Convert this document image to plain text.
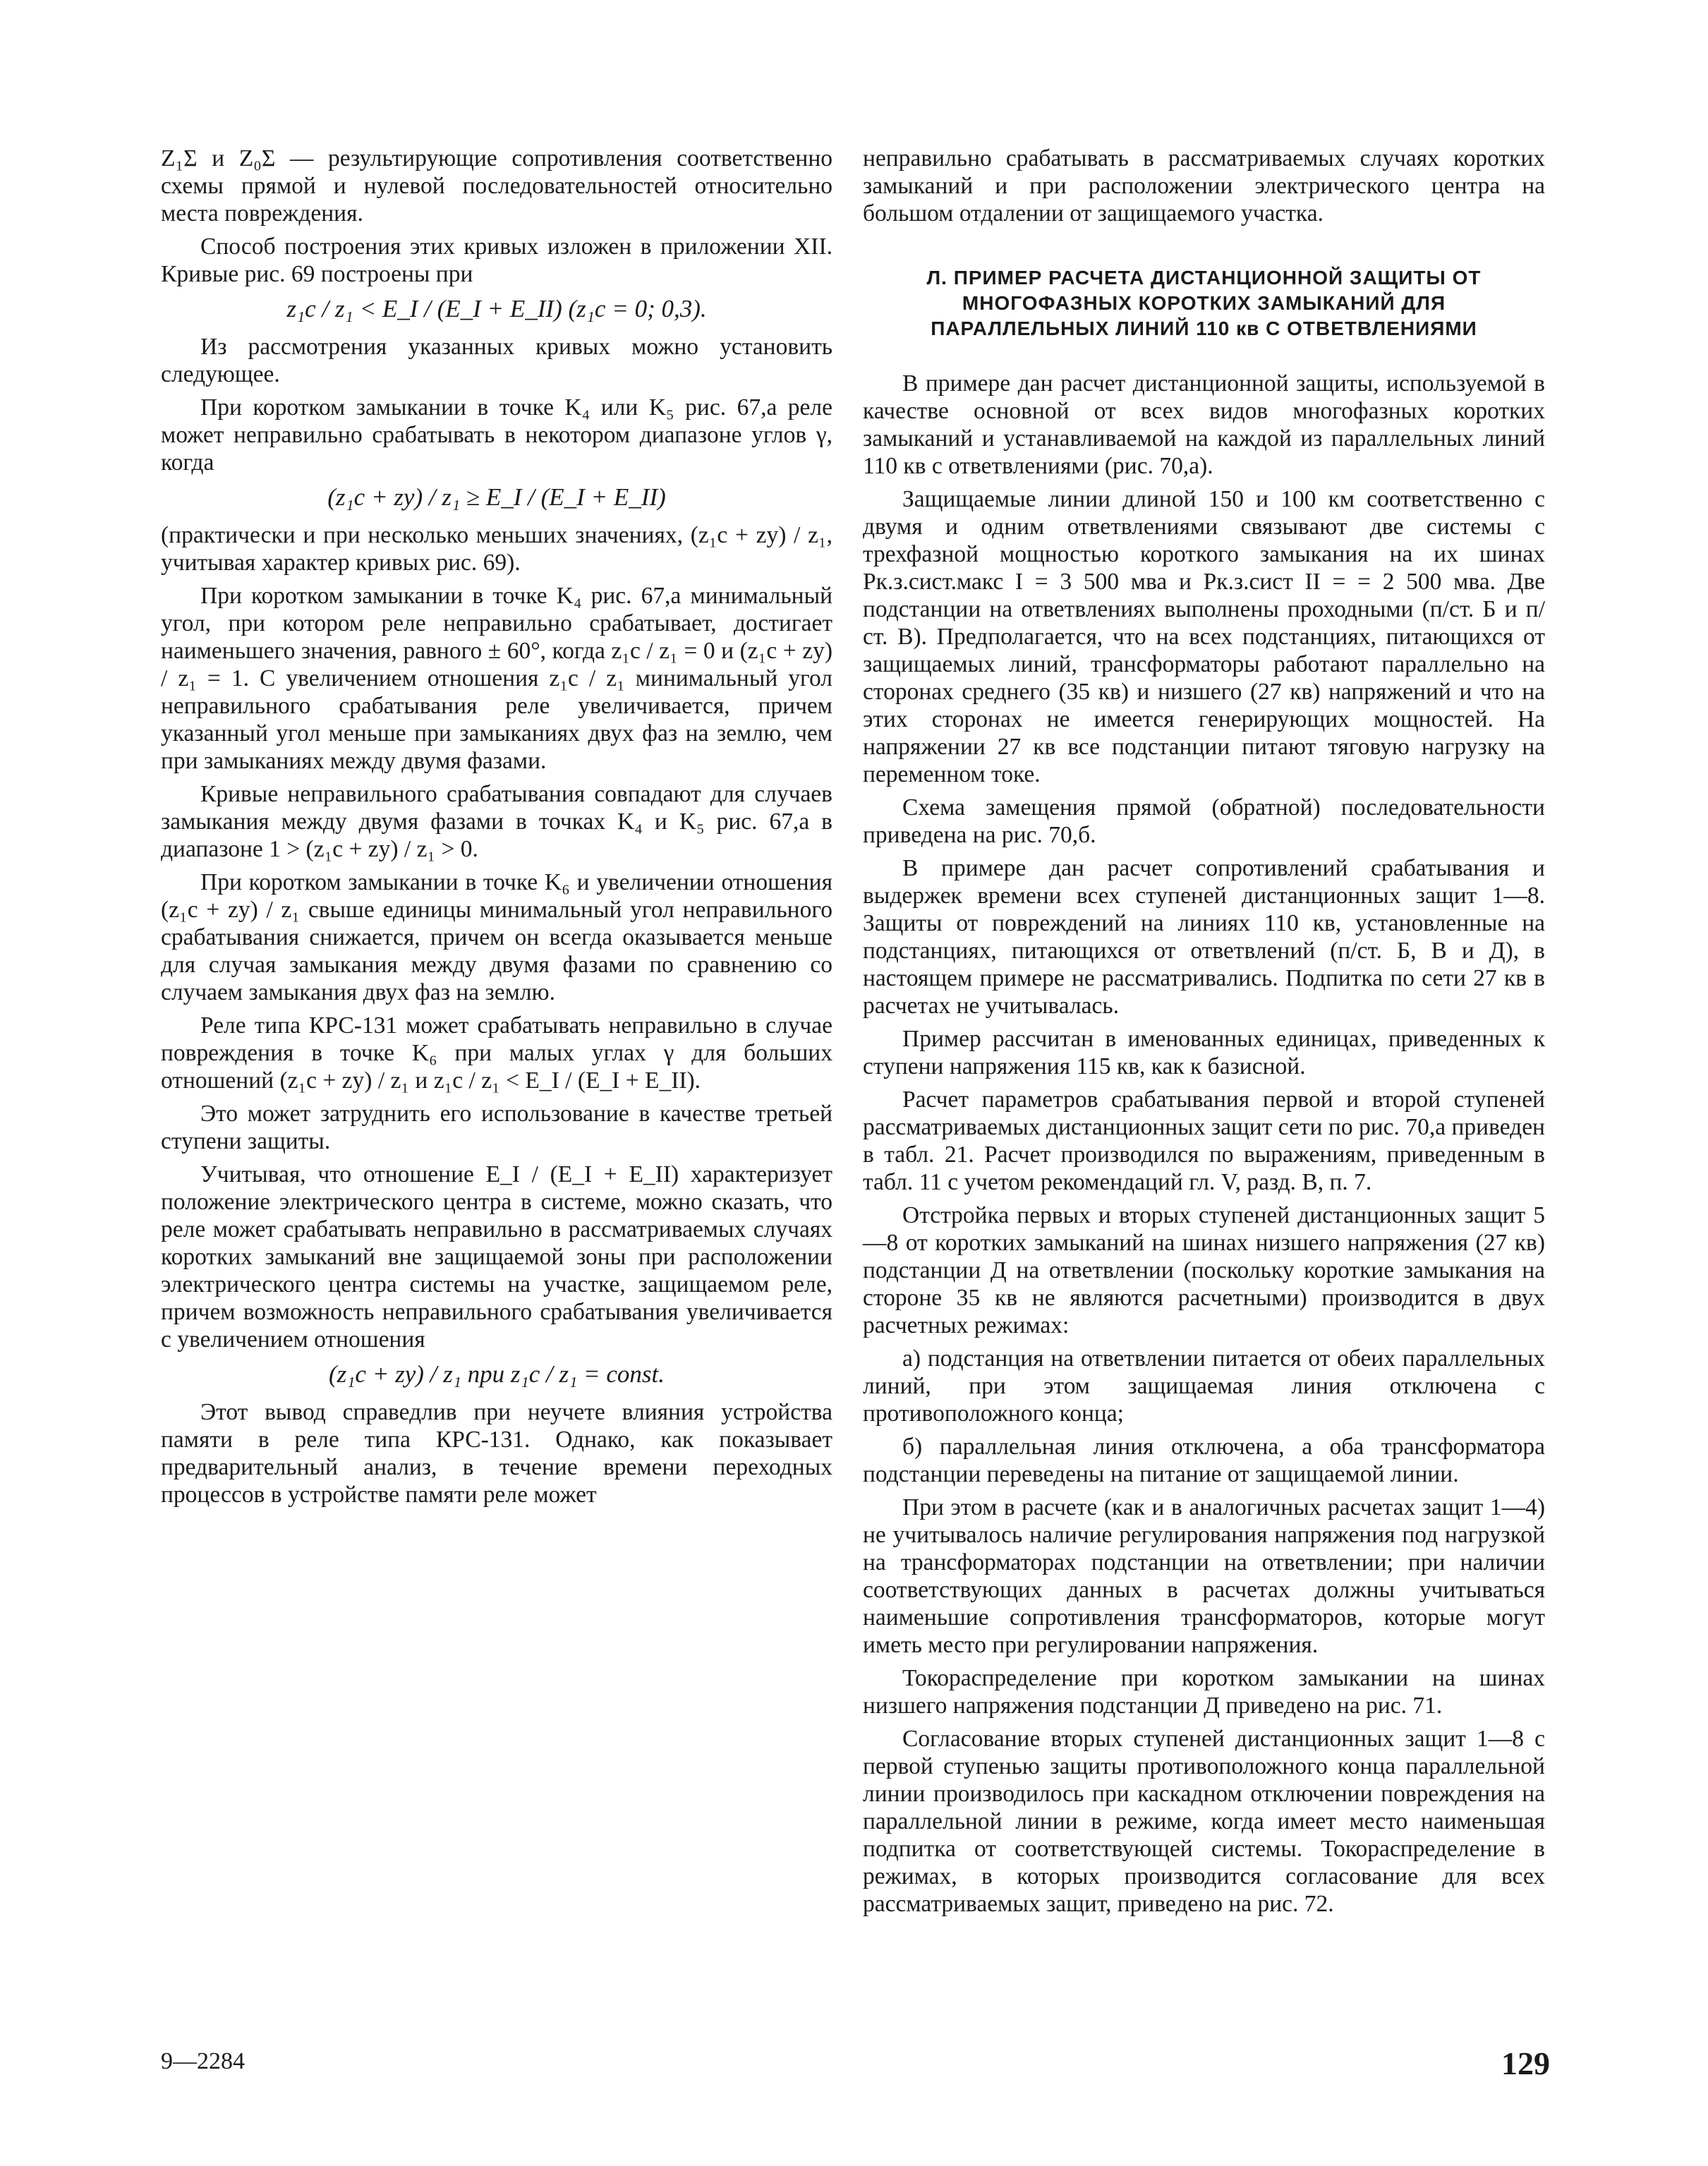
Z₁Σ и Z₀Σ — результирующие сопротивления соответственно схемы прямой и нулевой последовательностей относительно места повреждения.

Способ построения этих кривых изложен в приложении XII. Кривые рис. 69 построены при

z₁с / z₁ < E_I / (E_I + E_II) (z₁с = 0; 0,3).

Из рассмотрения указанных кривых можно установить следующее.

При коротком замыкании в точке K₄ или K₅ рис. 67,а реле может неправильно срабатывать в некотором диапазоне углов γ, когда

(z₁с + zу) / z₁ ≥ E_I / (E_I + E_II)

(практически и при несколько меньших значениях, (z₁с + zу) / z₁, учитывая характер кривых рис. 69).

При коротком замыкании в точке K₄ рис. 67,а минимальный угол, при котором реле неправильно срабатывает, достигает наименьшего значения, равного ± 60°, когда z₁с / z₁ = 0 и (z₁с + zу) / z₁ = 1. С увеличением отношения z₁с / z₁ минимальный угол неправильного срабатывания реле увеличивается, причем указанный угол меньше при замыканиях двух фаз на землю, чем при замыканиях между двумя фазами.

Кривые неправильного срабатывания совпадают для случаев замыкания между двумя фазами в точках K₄ и K₅ рис. 67,а в диапазоне 1 > (z₁с + zу) / z₁ > 0.

При коротком замыкании в точке K₆ и увеличении отношения (z₁с + zу) / z₁ свыше единицы минимальный угол неправильного срабатывания снижается, причем он всегда оказывается меньше для случая замыкания между двумя фазами по сравнению со случаем замыкания двух фаз на землю.

Реле типа КРС-131 может срабатывать неправильно в случае повреждения в точке K₆ при малых углах γ для больших отношений (z₁с + zу) / z₁ и z₁с / z₁ < E_I / (E_I + E_II).

Это может затруднить его использование в качестве третьей ступени защиты.

Учитывая, что отношение E_I / (E_I + E_II) характеризует положение электрического центра в системе, можно сказать, что реле может срабатывать неправильно в рассматриваемых случаях коротких замыканий вне защищаемой зоны при расположении электрического центра системы на участке, защищаемом реле, причем возможность неправильного срабатывания увеличивается с увеличением отношения

(z₁с + zу) / z₁ при z₁с / z₁ = const.

Этот вывод справедлив при неучете влияния устройства памяти в реле типа КРС-131. Однако, как показывает предварительный анализ, в течение времени переходных процессов в устройстве памяти реле может

неправильно срабатывать в рассматриваемых случаях коротких замыканий и при расположении электрического центра на большом отдалении от защищаемого участка.

Л. ПРИМЕР РАСЧЕТА ДИСТАНЦИОННОЙ ЗАЩИТЫ ОТ МНОГОФАЗНЫХ КОРОТКИХ ЗАМЫКАНИЙ ДЛЯ ПАРАЛЛЕЛЬНЫХ ЛИНИЙ 110 кв С ОТВЕТВЛЕНИЯМИ

В примере дан расчет дистанционной защиты, используемой в качестве основной от всех видов многофазных коротких замыканий и устанавливаемой на каждой из параллельных линий 110 кв с ответвлениями (рис. 70,а).

Защищаемые линии длиной 150 и 100 км соответственно с двумя и одним ответвлениями связывают две системы с трехфазной мощностью короткого замыкания на их шинах Pк.з.сист.макс I = 3 500 мва и Pк.з.сист II = = 2 500 мва. Две подстанции на ответвлениях выполнены проходными (п/ст. Б и п/ст. В). Предполагается, что на всех подстанциях, питающихся от защищаемых линий, трансформаторы работают параллельно на сторонах среднего (35 кв) и низшего (27 кв) напряжений и что на этих сторонах не имеется генерирующих мощностей. На напряжении 27 кв все подстанции питают тяговую нагрузку на переменном токе.

Схема замещения прямой (обратной) последовательности приведена на рис. 70,б.

В примере дан расчет сопротивлений срабатывания и выдержек времени всех ступеней дистанционных защит 1—8. Защиты от повреждений на линиях 110 кв, установленные на подстанциях, питающихся от ответвлений (п/ст. Б, В и Д), в настоящем примере не рассматривались. Подпитка по сети 27 кв в расчетах не учитывалась.

Пример рассчитан в именованных единицах, приведенных к ступени напряжения 115 кв, как к базисной.

Расчет параметров срабатывания первой и второй ступеней рассматриваемых дистанционных защит сети по рис. 70,а приведен в табл. 21. Расчет производился по выражениям, приведенным в табл. 11 с учетом рекомендаций гл. V, разд. В, п. 7.

Отстройка первых и вторых ступеней дистанционных защит 5—8 от коротких замыканий на шинах низшего напряжения (27 кв) подстанции Д на ответвлении (поскольку короткие замыкания на стороне 35 кв не являются расчетными) производится в двух расчетных режимах:

а) подстанция на ответвлении питается от обеих параллельных линий, при этом защищаемая линия отключена с противоположного конца;

б) параллельная линия отключена, а оба трансформатора подстанции переведены на питание от защищаемой линии.

При этом в расчете (как и в аналогичных расчетах защит 1—4) не учитывалось наличие регулирования напряжения под нагрузкой на трансформаторах подстанции на ответвлении; при наличии соответствующих данных в расчетах должны учитываться наименьшие сопротивления трансформаторов, которые могут иметь место при регулировании напряжения.

Токораспределение при коротком замыкании на шинах низшего напряжения подстанции Д приведено на рис. 71.

Согласование вторых ступеней дистанционных защит 1—8 с первой ступенью защиты противоположного конца параллельной линии производилось при каскадном отключении повреждения на параллельной линии в режиме, когда имеет место наименьшая подпитка от соответствующей системы. Токораспределение в режимах, в которых производится согласование для всех рассматриваемых защит, приведено на рис. 72.

9—2284	129
